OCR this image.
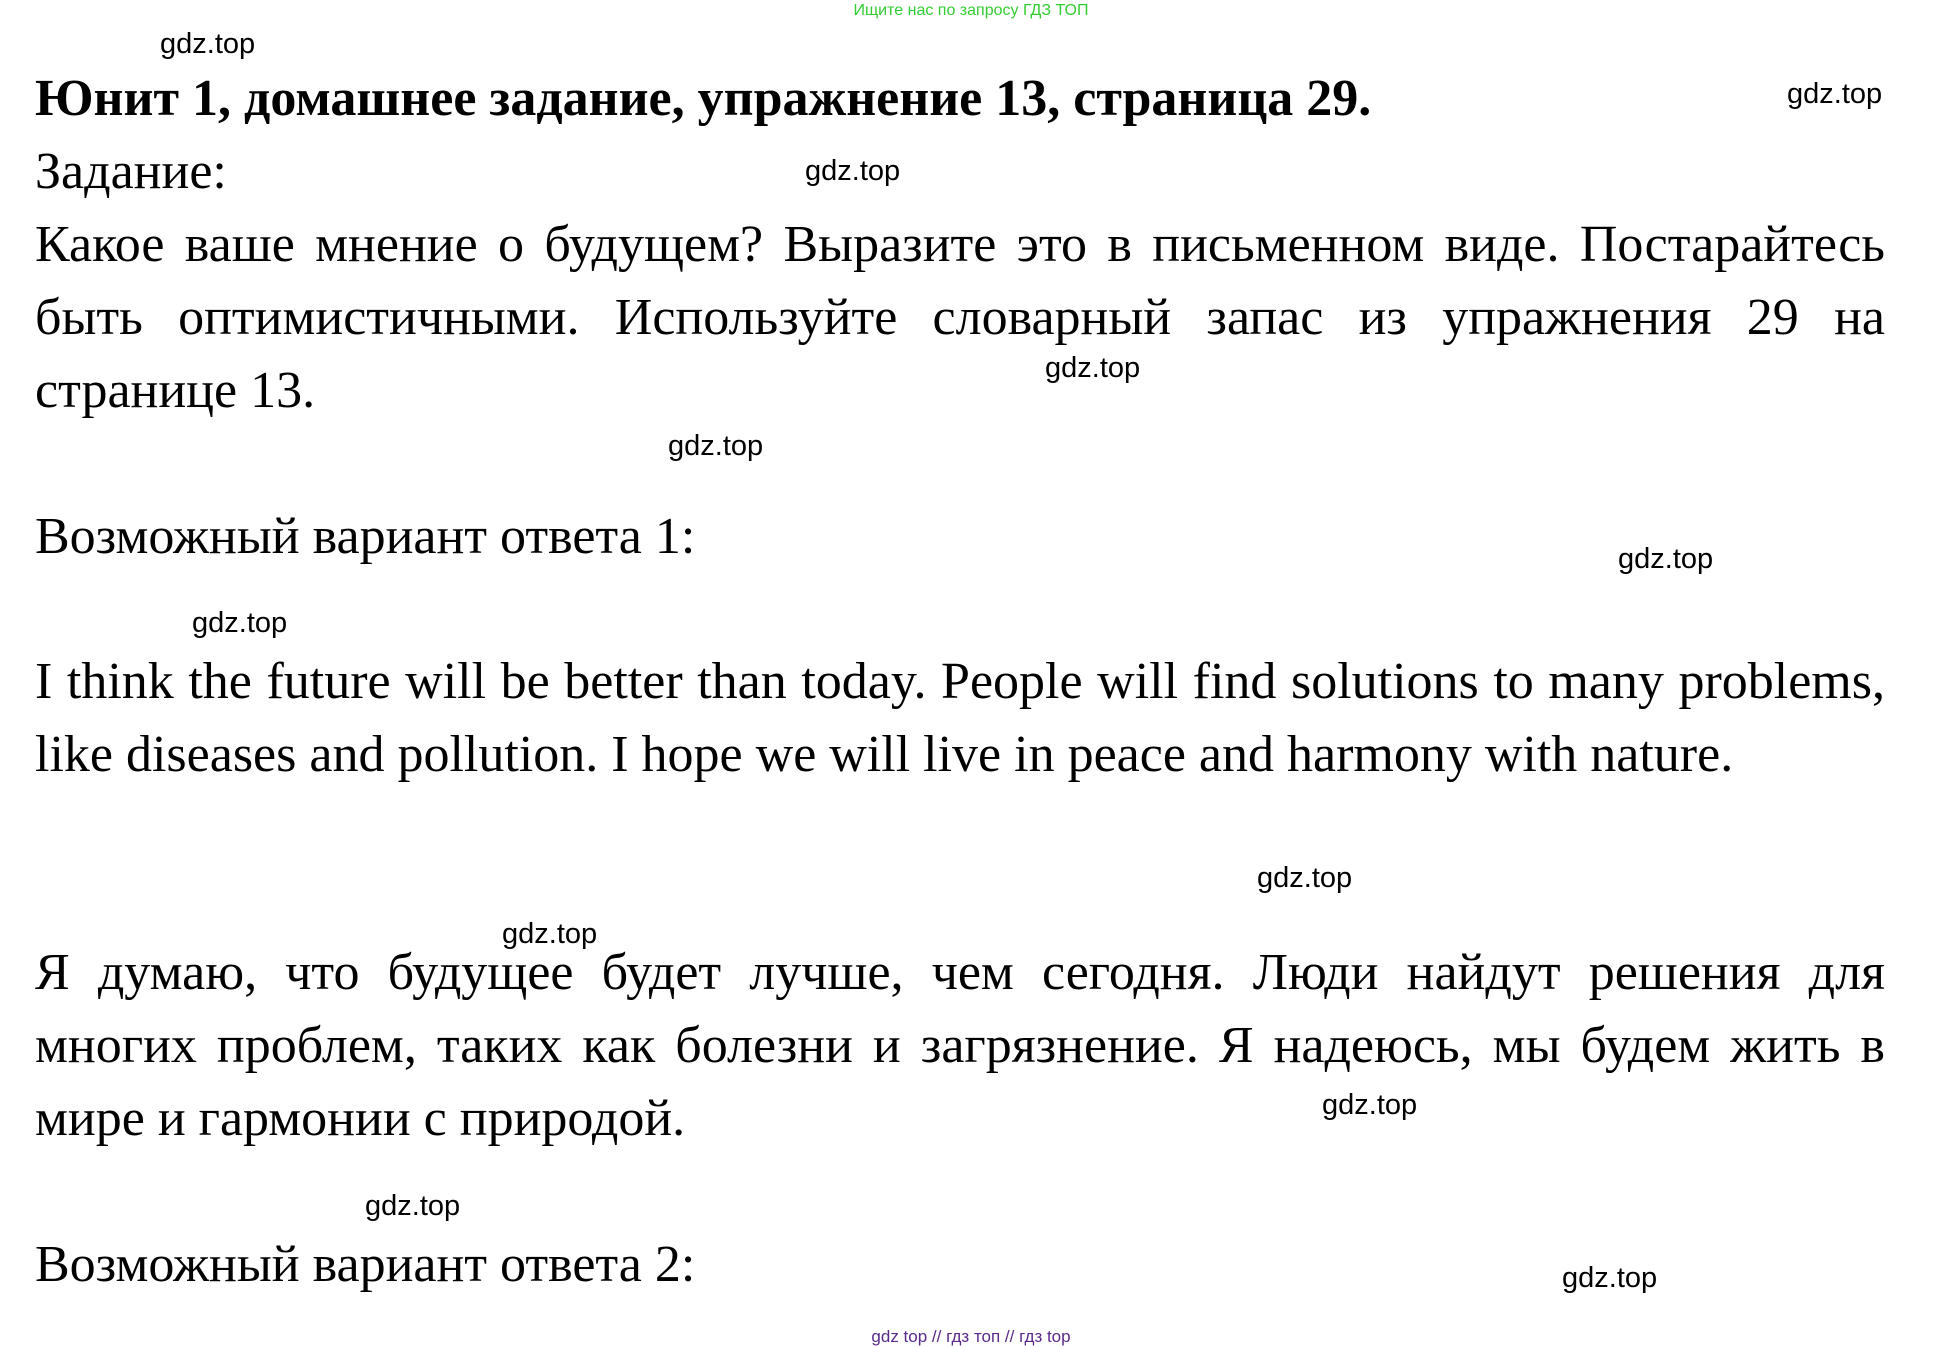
Ищите нас по запросу ГДЗ ТОП
Юнит 1, домашнее задание, упражнение 13, страница 29.
Задание:
Какое ваше мнение о будущем? Выразите это в письменном виде. Постарайтесь быть оптимистичными. Используйте словарный запас из упражнения 29 на странице 13.
Возможный вариант ответа 1:
I think the future will be better than today. People will find solutions to many problems, like diseases and pollution. I hope we will live in peace and harmony with nature.
Я думаю, что будущее будет лучше, чем сегодня. Люди найдут решения для многих проблем, таких как болезни и загрязнение. Я надеюсь, мы будем жить в мире и гармонии с природой.
Возможный вариант ответа 2:
gdz.top
gdz.top
gdz.top
gdz.top
gdz.top
gdz.top
gdz.top
gdz.top
gdz.top
gdz.top
gdz.top
gdz.top
gdz top // гдз топ // гдз top
